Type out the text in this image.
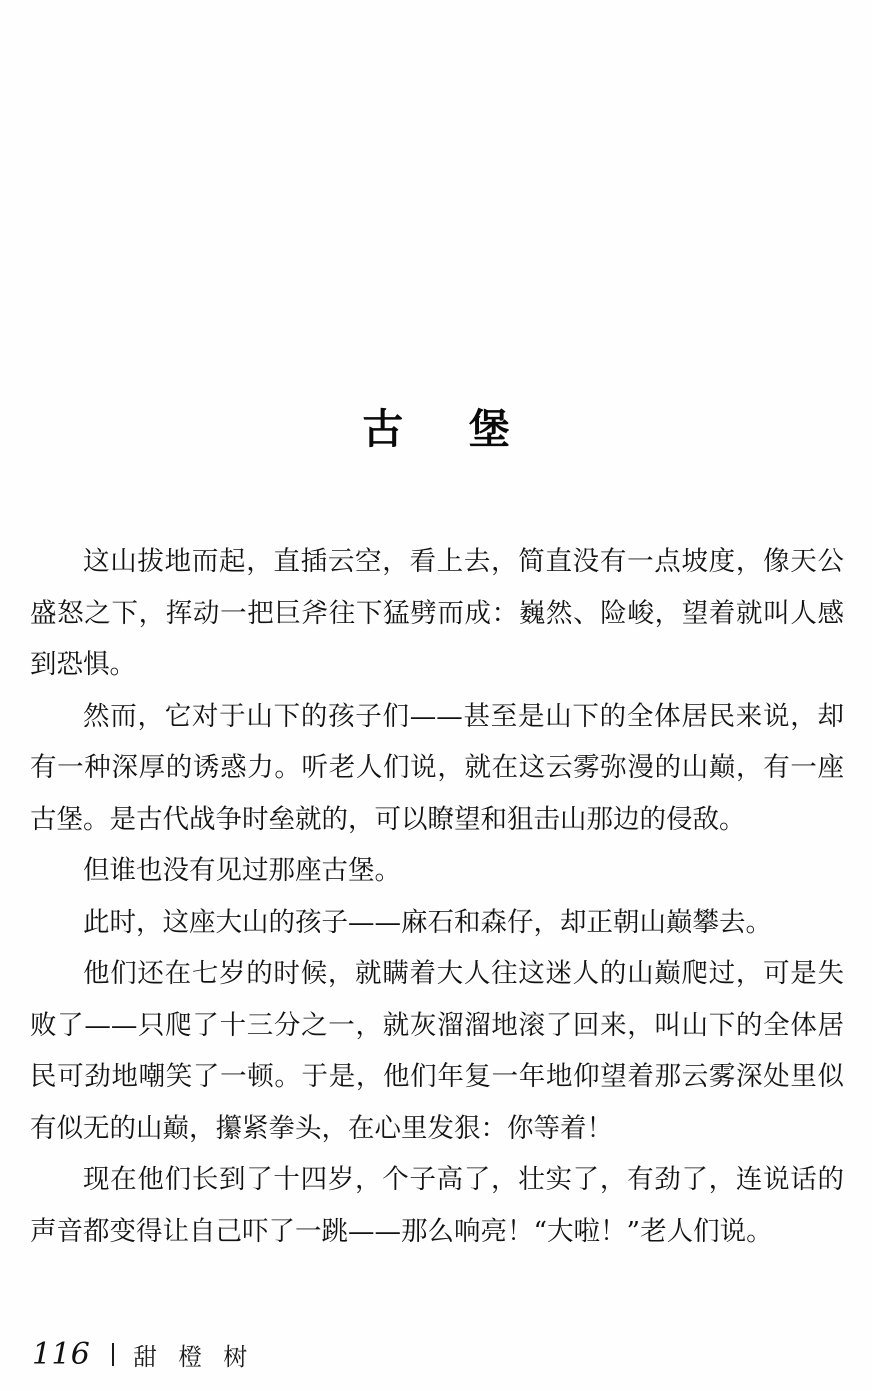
古　堡

这山拔地而起，直插云空，看上去，简直没有一点坡度，像天公盛怒之下，挥动一把巨斧往下猛劈而成：巍然、险峻，望着就叫人感到恐惧。

然而，它对于山下的孩子们——甚至是山下的全体居民来说，却有一种深厚的诱惑力。听老人们说，就在这云雾弥漫的山巅，有一座古堡。是古代战争时垒就的，可以瞭望和狙击山那边的侵敌。

但谁也没有见过那座古堡。

此时，这座大山的孩子——麻石和森仔，却正朝山巅攀去。

他们还在七岁的时候，就瞒着大人往这迷人的山巅爬过，可是失败了——只爬了十三分之一，就灰溜溜地滚了回来，叫山下的全体居民可劲地嘲笑了一顿。于是，他们年复一年地仰望着那云雾深处里似有似无的山巅，攥紧拳头，在心里发狠：你等着！

现在他们长到了十四岁，个子高了，壮实了，有劲了，连说话的声音都变得让自己吓了一跳——那么响亮！“大啦！”老人们说。

116 甜 橙 树
